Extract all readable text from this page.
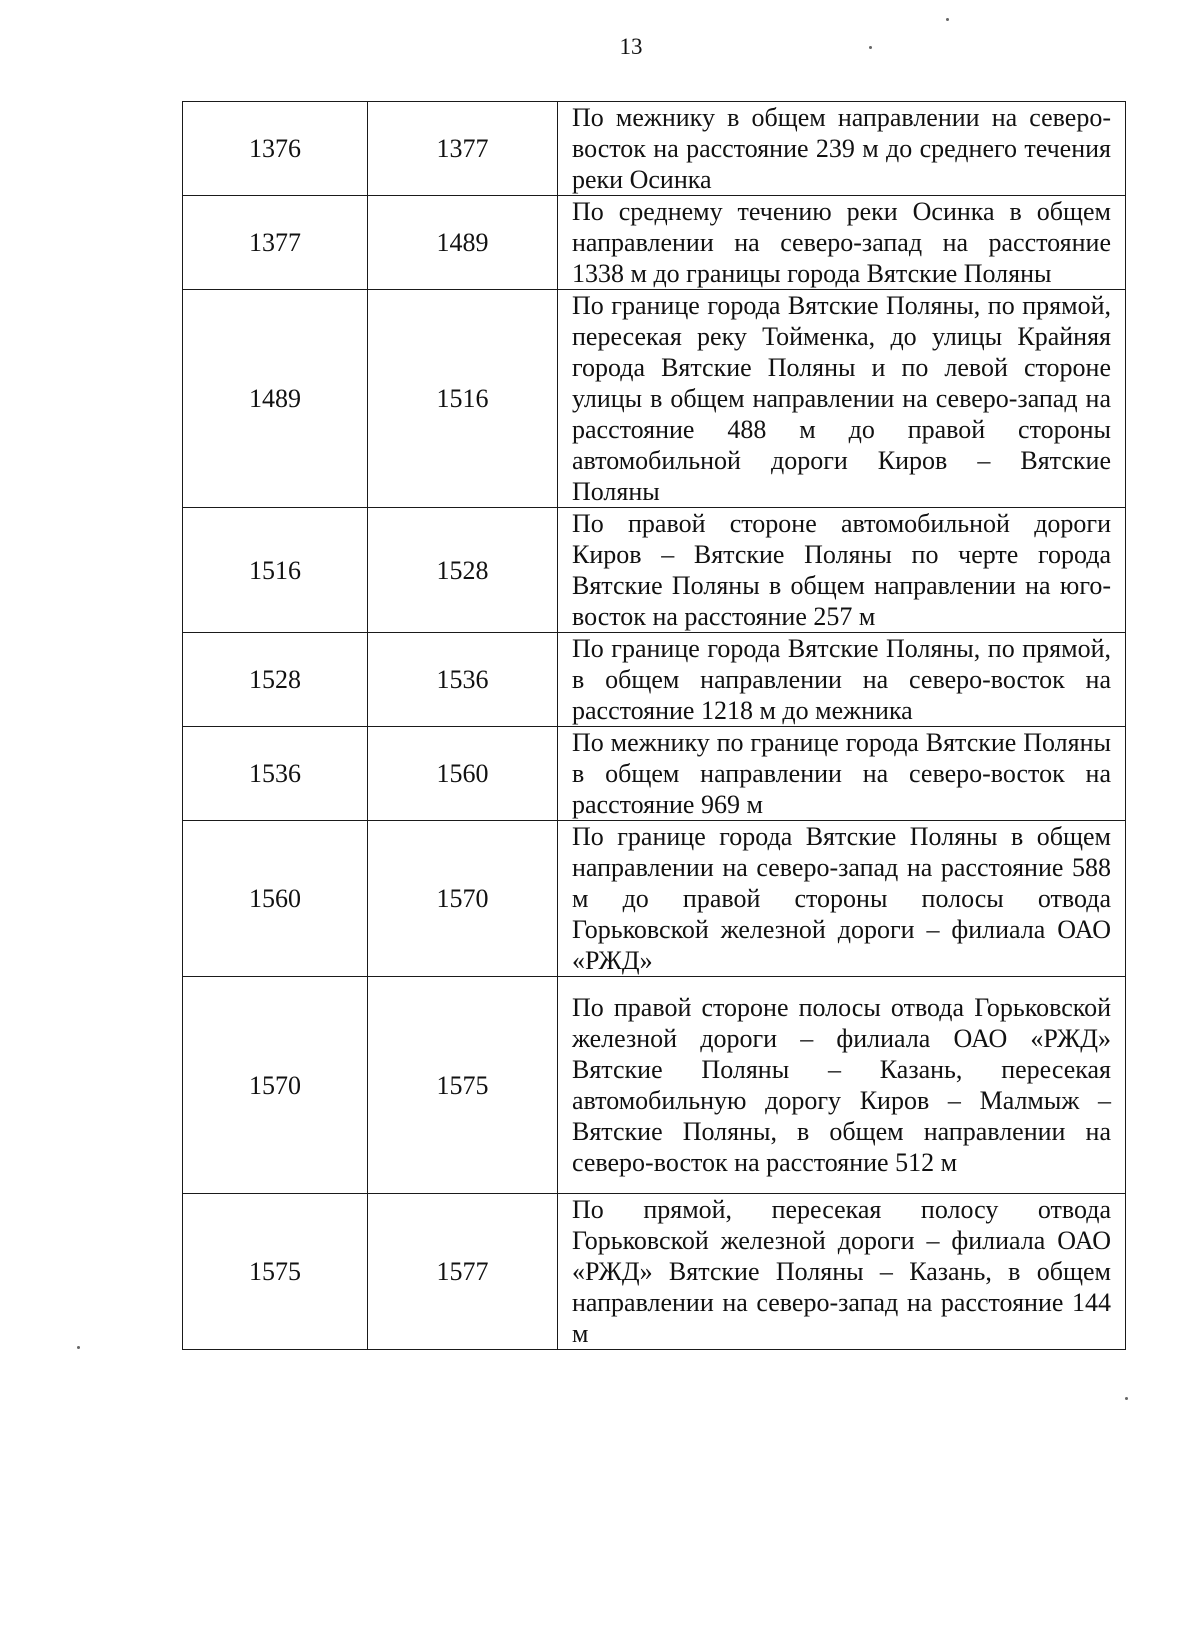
13
1376	1377	По межнику в общем направлении на северо-восток на расстояние 239 м до среднего течения реки Осинка
1377	1489	По среднему течению реки Осинка в общем направлении на северо-запад на расстояние 1338 м до границы города Вятские Поляны
1489	1516	По границе города Вятские Поляны, по прямой, пересекая реку Тойменка, до улицы Крайняя города Вятские Поляны и по левой стороне улицы в общем направлении на северо-запад на расстояние 488 м до правой стороны автомобильной дороги Киров – Вятские Поляны
1516	1528	По правой стороне автомобильной дороги Киров – Вятские Поляны по черте города Вятские Поляны в общем направлении на юго-восток на расстояние 257 м
1528	1536	По границе города Вятские Поляны, по прямой, в общем направлении на северо-восток на расстояние 1218 м до межника
1536	1560	По межнику по границе города Вятские Поляны в общем направлении на северо-восток на расстояние 969 м
1560	1570	По границе города Вятские Поляны в общем направлении на северо-запад на расстояние 588 м до правой стороны полосы отвода Горьковской железной дороги – филиала ОАО «РЖД»
1570	1575	По правой стороне полосы отвода Горьковской железной дороги – филиала ОАО «РЖД» Вятские Поляны – Казань, пересекая автомобильную дорогу Киров – Малмыж – Вятские Поляны, в общем направлении на северо-восток на расстояние 512 м
1575	1577	По прямой, пересекая полосу отвода Горьковской железной дороги – филиала ОАО «РЖД» Вятские Поляны – Казань, в общем направлении на северо-запад на расстояние 144 м
